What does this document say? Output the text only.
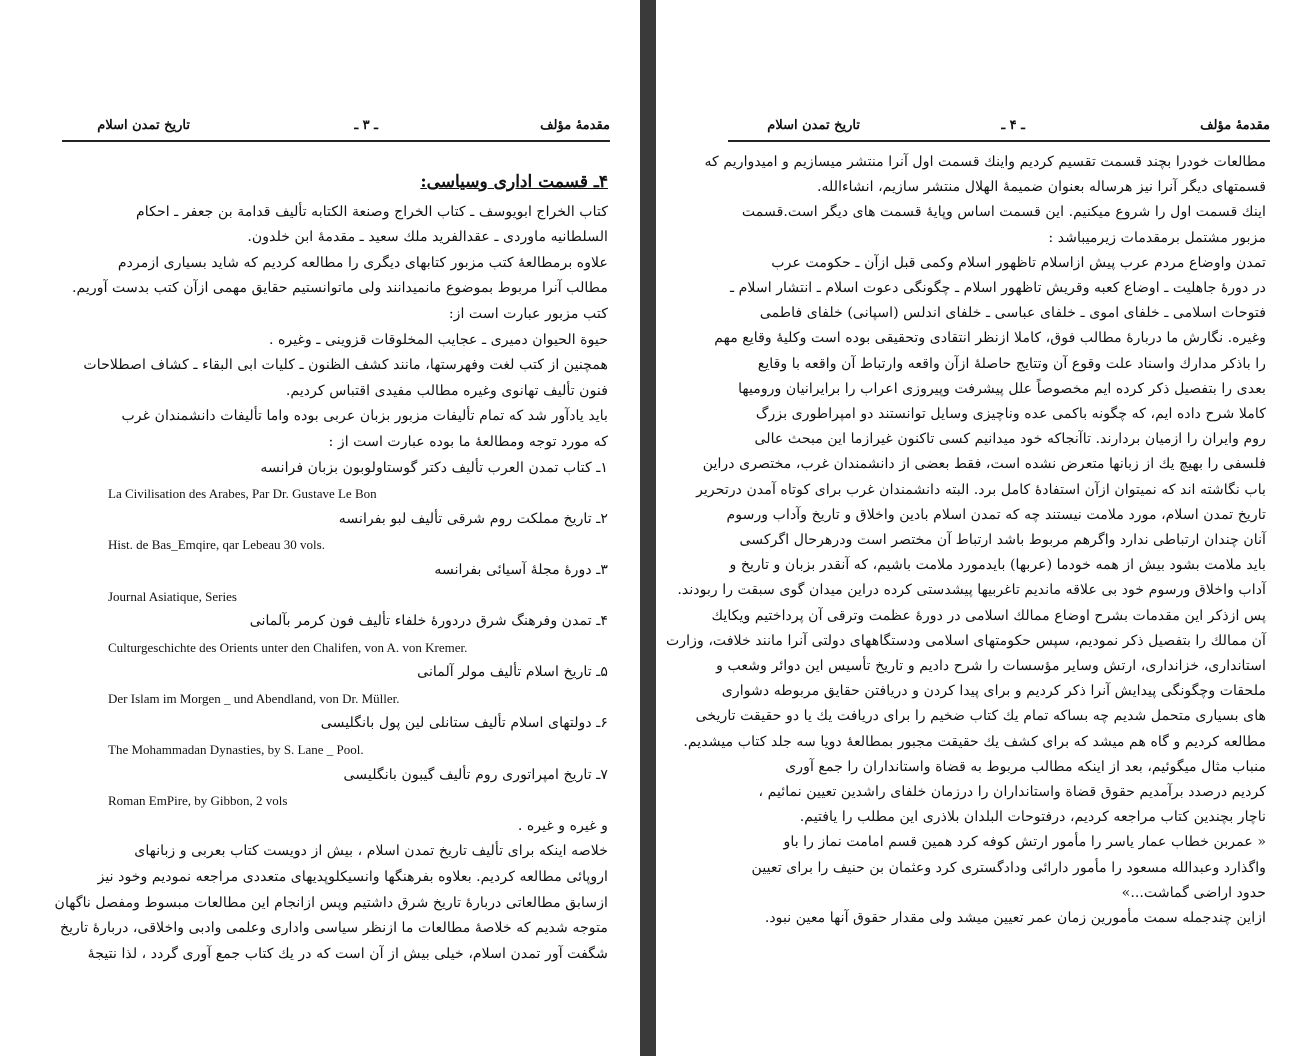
مقدمهٔ مؤلف
ـ ۳ ـ
تاریخ تمدن اسلام
۴ـ قسمت اداری وسیاسی:
کتاب الخراج ابویوسف ـ کتاب الخراج وصنعة الکتابه تألیف قدامة بن جعفر ـ احکام
السلطانیه ماوردی ـ عقدالفرید ملك سعید ـ مقدمهٔ ابن خلدون.
علاوه برمطالعهٔ کتب مزبور کتابهای دیگری را مطالعه کردیم که شاید بسیاری ازمردم
مطالب آنرا مربوط بموضوع مانمیدانند ولی ماتوانستیم حقایق مهمی ازآن کتب بدست آوریم.
کتب مزبور عبارت است از:
حیوة الحیوان دمیری ـ عجایب المخلوقات قزوینی ـ وغیره .
همچنین از کتب لغت وفهرستها، مانند کشف الظنون ـ کلیات ابی البقاء ـ کشاف اصطلاحات
فنون تألیف تهانوی وغیره مطالب مفیدی اقتباس کردیم.
باید یادآور شد که تمام تألیفات مزبور بزبان عربی بوده واما تألیفات دانشمندان غرب
که مورد توجه ومطالعهٔ ما بوده عبارت است از :
۱ـ کتاب تمدن العرب تألیف دکتر گوستاولوبون بزبان فرانسه
La Civilisation des Arabes, Par Dr. Gustave Le Bon
۲ـ تاریخ مملکت روم شرقی تألیف لبو بفرانسه
Hist. de Bas_Emqire, qar Lebeau 30 vols.
۳ـ دورهٔ مجلهٔ آسیائی بفرانسه
Journal Asiatique, Series
۴ـ تمدن وفرهنگ شرق دردورهٔ خلفاء تألیف فون کرمر بآلمانی
Culturgeschichte des Orients unter den Chalifen, von A. von Kremer.
۵ـ تاریخ اسلام تألیف مولر آلمانی
Der Islam im Morgen _ und Abendland, von Dr. Müller.
۶ـ دولتهای اسلام تألیف ستانلی لین پول بانگلیسی
The Mohammadan Dynasties, by S. Lane _ Pool.
۷ـ تاریخ امپراتوری روم تألیف گیبون بانگلیسی
Roman EmPire, by Gibbon, 2 vols
و غیره و غیره .
خلاصه اینکه برای تألیف تاریخ تمدن اسلام ، بیش از دویست کتاب بعربی و زبانهای
اروپائی مطالعه کردیم. بعلاوه بفرهنگها وانسیکلوپدیهای متعددی مراجعه نمودیم وخود نیز
ازسابق مطالعاتی دربارهٔ تاریخ شرق داشتیم وپس ازانجام این مطالعات مبسوط ومفصل ناگهان
متوجه شدیم که خلاصهٔ مطالعات ما ازنظر سیاسی واداری وعلمی وادبی واخلاقی، دربارهٔ تاریخ
شگفت آور تمدن اسلام، خیلی بیش از آن است که در یك کتاب جمع آوری گردد ، لذا نتیجهٔ
مقدمهٔ مؤلف
ـ ۴ ـ
تاریخ تمدن اسلام
مطالعات خودرا بچند قسمت تقسیم کردیم واینك قسمت اول آنرا منتشر میسازیم و امیدواریم که
قسمتهای دیگر آنرا نیز هرساله بعنوان ضمیمهٔ الهلال منتشر سازیم، انشاءالله.
اینك قسمت اول را شروع میکنیم. این قسمت اساس وپایهٔ قسمت های دیگر است.قسمت
مزبور مشتمل برمقدمات زیرمیباشد :
تمدن واوضاع مردم عرب پیش ازاسلام تاظهور اسلام وکمی قبل ازآن ـ حکومت عرب
در دورهٔ جاهلیت ـ اوضاع کعبه وقریش تاظهور اسلام ـ چگونگی دعوت اسلام ـ انتشار اسلام ـ
فتوحات اسلامی ـ خلفای اموی ـ خلفای عباسی ـ خلفای اندلس (اسپانی) خلفای فاطمی
وغیره. نگارش ما دربارهٔ مطالب فوق، کاملا ازنظر انتقادی وتحقیقی بوده است وکلیهٔ وقایع مهم
را باذکر مدارك واسناد علت وقوع آن وتتایج حاصلهٔ ازآن واقعه وارتباط آن واقعه با وقایع
بعدی را بتفصیل ذکر کرده ایم مخصوصاً علل پیشرفت وپیروزی اعراب را برایرانیان ورومیها
کاملا شرح داده ایم، که چگونه باکمی عده وناچیزی وسایل توانستند دو امپراطوری بزرگ
روم وایران را ازمیان بردارند. تاآنجاکه خود میدانیم کسی تاکنون غیرازما این مبحث عالی
فلسفی را بهیچ یك از زبانها متعرض نشده است، فقط بعضی از دانشمندان غرب، مختصری دراین
باب نگاشته اند که نمیتوان ازآن استفادهٔ کامل برد. البته دانشمندان غرب برای کوتاه آمدن درتحریر
تاریخ تمدن اسلام، مورد ملامت نیستند چه که تمدن اسلام بادین واخلاق و تاریخ وآداب ورسوم
آنان چندان ارتباطی ندارد واگرهم مربوط باشد ارتباط آن مختصر است ودرهرحال اگرکسی
باید ملامت بشود بیش از همه خودما (عربها) بایدمورد ملامت باشیم، که آنقدر بزبان و تاریخ و
آداب واخلاق ورسوم خود بی علاقه ماندیم تاغربیها پیشدستی کرده دراین میدان گوی سبقت را ربودند.
پس ازذکر این مقدمات بشرح اوضاع ممالك اسلامی در دورهٔ عظمت وترقی آن پرداختیم ویکایك
آن ممالك را بتفصیل ذکر نمودیم، سپس حکومتهای اسلامی ودستگاههای دولتی آنرا مانند خلافت، وزارت
استانداری، خزانداری، ارتش وسایر مؤسسات را شرح دادیم و تاریخ تأسیس این دوائر وشعب و
ملحقات وچگونگی پیدایش آنرا ذکر کردیم و برای پیدا کردن و دریافتن حقایق مربوطه دشواری
های بسیاری متحمل شدیم چه بساکه تمام یك کتاب ضخیم را برای دریافت یك یا دو حقیقت تاریخی
مطالعه کردیم و گاه هم میشد که برای کشف یك حقیقت مجبور بمطالعهٔ دویا سه جلد کتاب میشدیم.
منباب مثال میگوئیم، بعد از اینکه مطالب مربوط به قضاة واستانداران را جمع آوری
کردیم درصدد برآمدیم حقوق قضاة واستانداران را درزمان خلفای راشدین تعیین نمائیم ،
ناچار بچندین کتاب مراجعه کردیم، درفتوحات البلدان بلاذری این مطلب را یافتیم.
« عمربن خطاب عمار یاسر را مأمور ارتش کوفه کرد همین قسم امامت نماز را باو
واگذارد وعبدالله مسعود را مأمور دارائی ودادگستری کرد وعثمان بن حنیف را برای تعیین
حدود اراضی گماشت...»
ازاین چندجمله سمت مأمورین زمان عمر تعیین میشد ولی مقدار حقوق آنها معین نبود.
